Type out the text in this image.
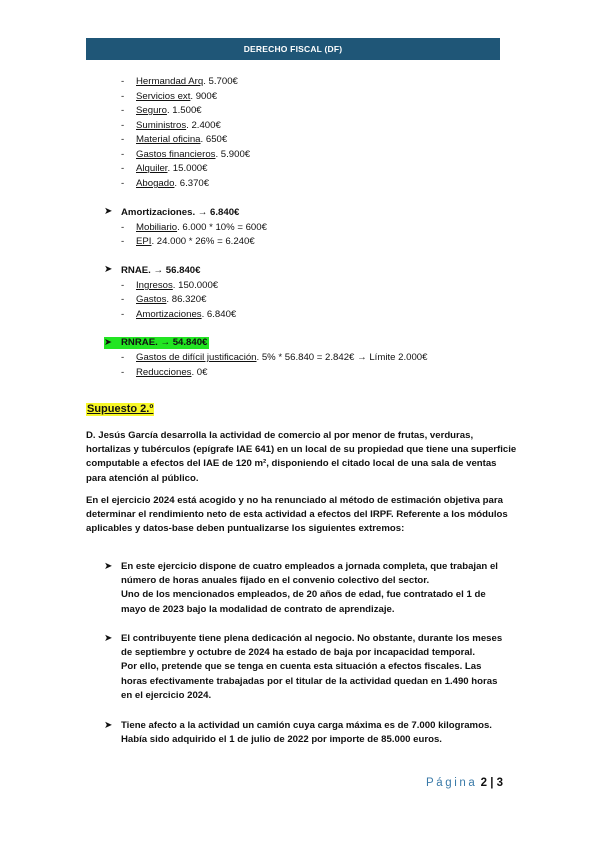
DERECHO FISCAL (DF)
- Hermandad Arq. 5.700€
- Servicios ext. 900€
- Seguro. 1.500€
- Suministros. 2.400€
- Material oficina. 650€
- Gastos financieros. 5.900€
- Alquiler. 15.000€
- Abogado. 6.370€
➤ Amortizaciones. → 6.840€
- Mobiliario. 6.000 * 10% = 600€
- EPI. 24.000 * 26% = 6.240€
➤ RNAE. → 56.840€
- Ingresos. 150.000€
- Gastos. 86.320€
- Amortizaciones. 6.840€
➤ RNRAE. → 54.840€
- Gastos de difícil justificación. 5% * 56.840 = 2.842€ → Límite 2.000€
- Reducciones. 0€
Supuesto 2.º

D. Jesús García desarrolla la actividad de comercio al por menor de frutas, verduras, hortalizas y tubérculos (epígrafe IAE 641) en un local de su propiedad que tiene una superficie computable a efectos del IAE de 120 m², disponiendo el citado local de una sala de ventas para atención al público.

En el ejercicio 2024 está acogido y no ha renunciado al método de estimación objetiva para determinar el rendimiento neto de esta actividad a efectos del IRPF. Referente a los módulos aplicables y datos-base deben puntualizarse los siguientes extremos:

➤ En este ejercicio dispone de cuatro empleados a jornada completa, que trabajan el número de horas anuales fijado en el convenio colectivo del sector.

Uno de los mencionados empleados, de 20 años de edad, fue contratado el 1 de mayo de 2023 bajo la modalidad de contrato de aprendizaje.

➤ El contribuyente tiene plena dedicación al negocio. No obstante, durante los meses de septiembre y octubre de 2024 ha estado de baja por incapacidad temporal.

Por ello, pretende que se tenga en cuenta esta situación a efectos fiscales. Las horas efectivamente trabajadas por el titular de la actividad quedan en 1.490 horas en el ejercicio 2024.

➤ Tiene afecto a la actividad un camión cuya carga máxima es de 7.000 kilogramos. Había sido adquirido el 1 de julio de 2022 por importe de 85.000 euros.

Página 2 | 3
